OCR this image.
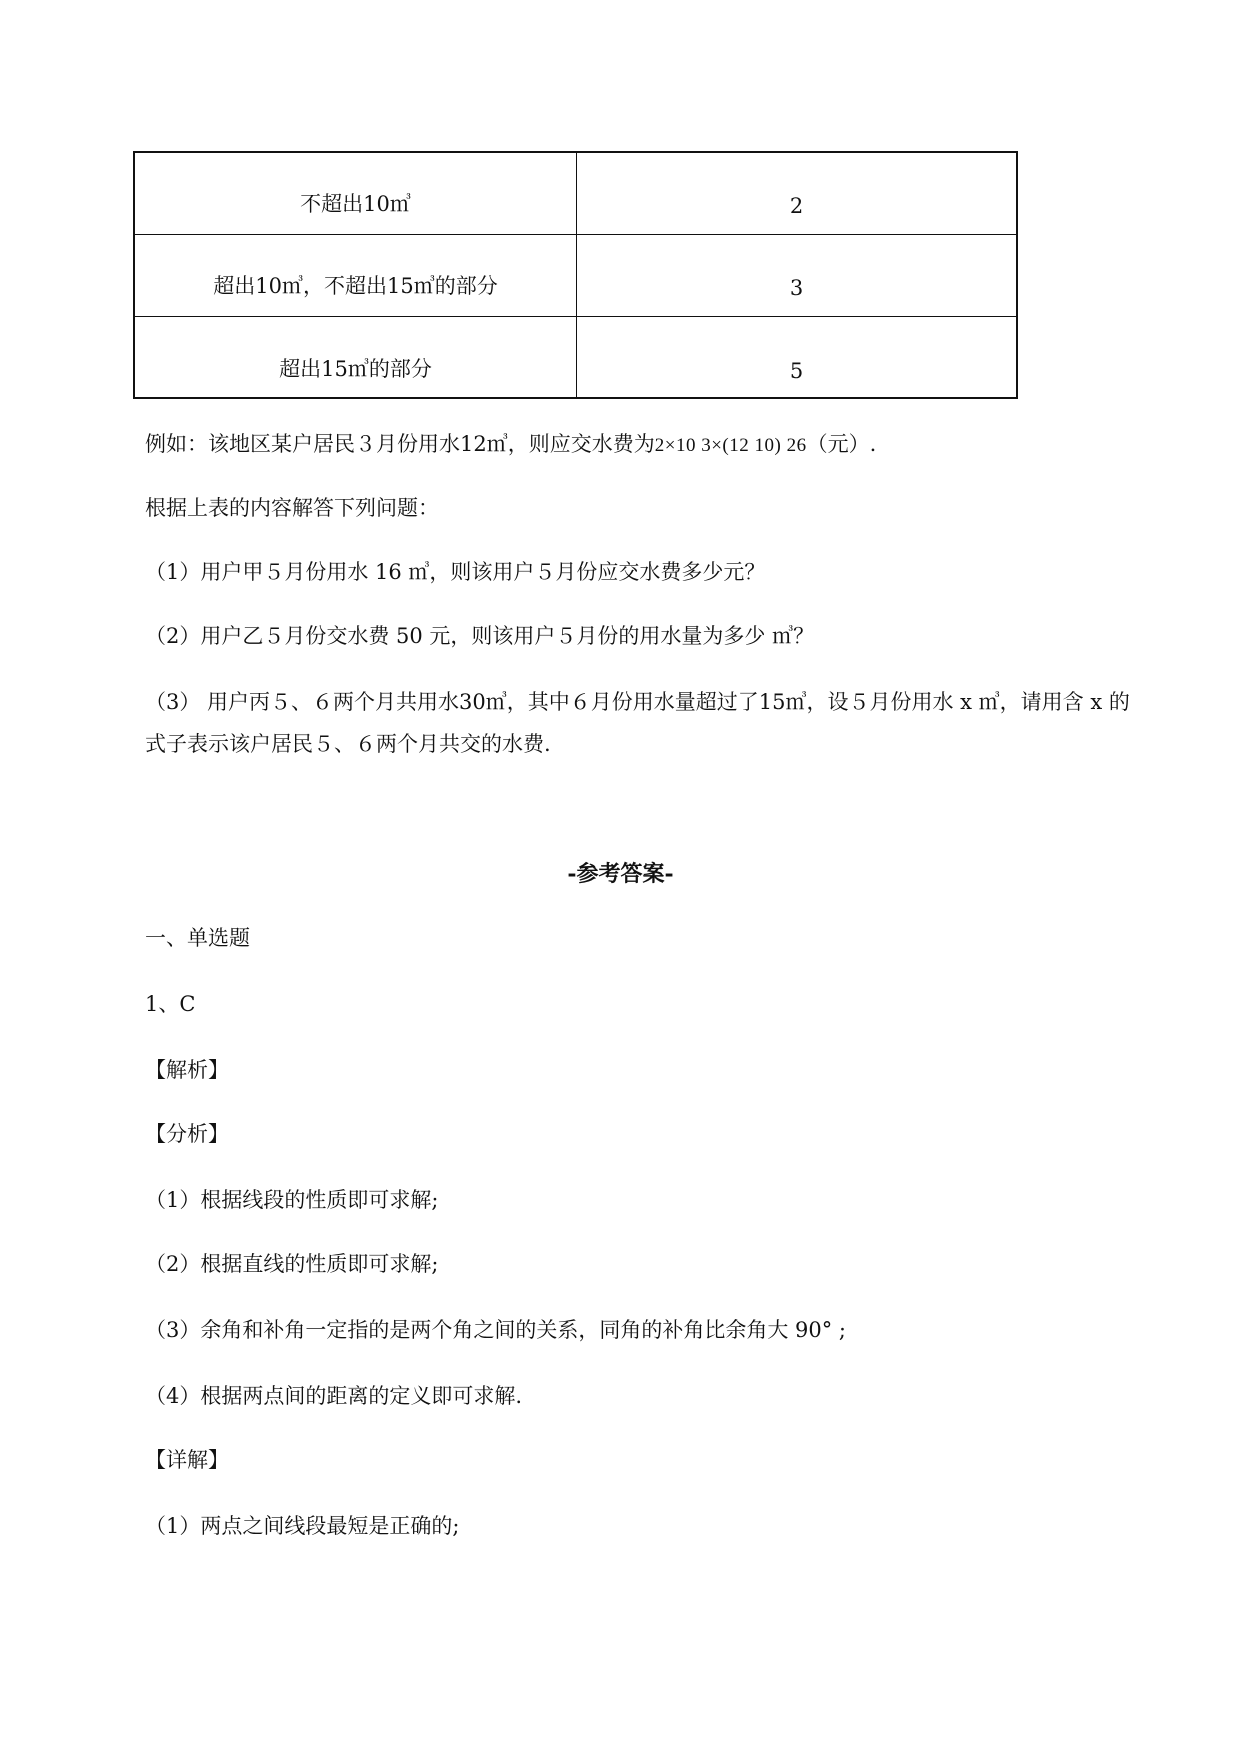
不超出10㎥	2
超出10㎥，不超出15㎥的部分	3
超出15㎥的部分	5
例如：该地区某户居民３月份用水12㎥，则应交水费为2×10 3×(12 10) 26（元）.
根据上表的内容解答下列问题：
（1）用户甲５月份用水 16 ㎥，则该用户５月份应交水费多少元？
（2）用户乙５月份交水费 50 元，则该用户５月份的用水量为多少 ㎥？
（3） 用户丙５、６两个月共用水30㎥，其中６月份用水量超过了15㎥，设５月份用水 x ㎥，请用含 x 的
式子表示该户居民５、６两个月共交的水费.
-参考答案-
一、单选题
1、C
【解析】
【分析】
（1）根据线段的性质即可求解;
（2）根据直线的性质即可求解;
（3）余角和补角一定指的是两个角之间的关系，同角的补角比余角大 90° ;
（4）根据两点间的距离的定义即可求解.
【详解】
（1）两点之间线段最短是正确的;
